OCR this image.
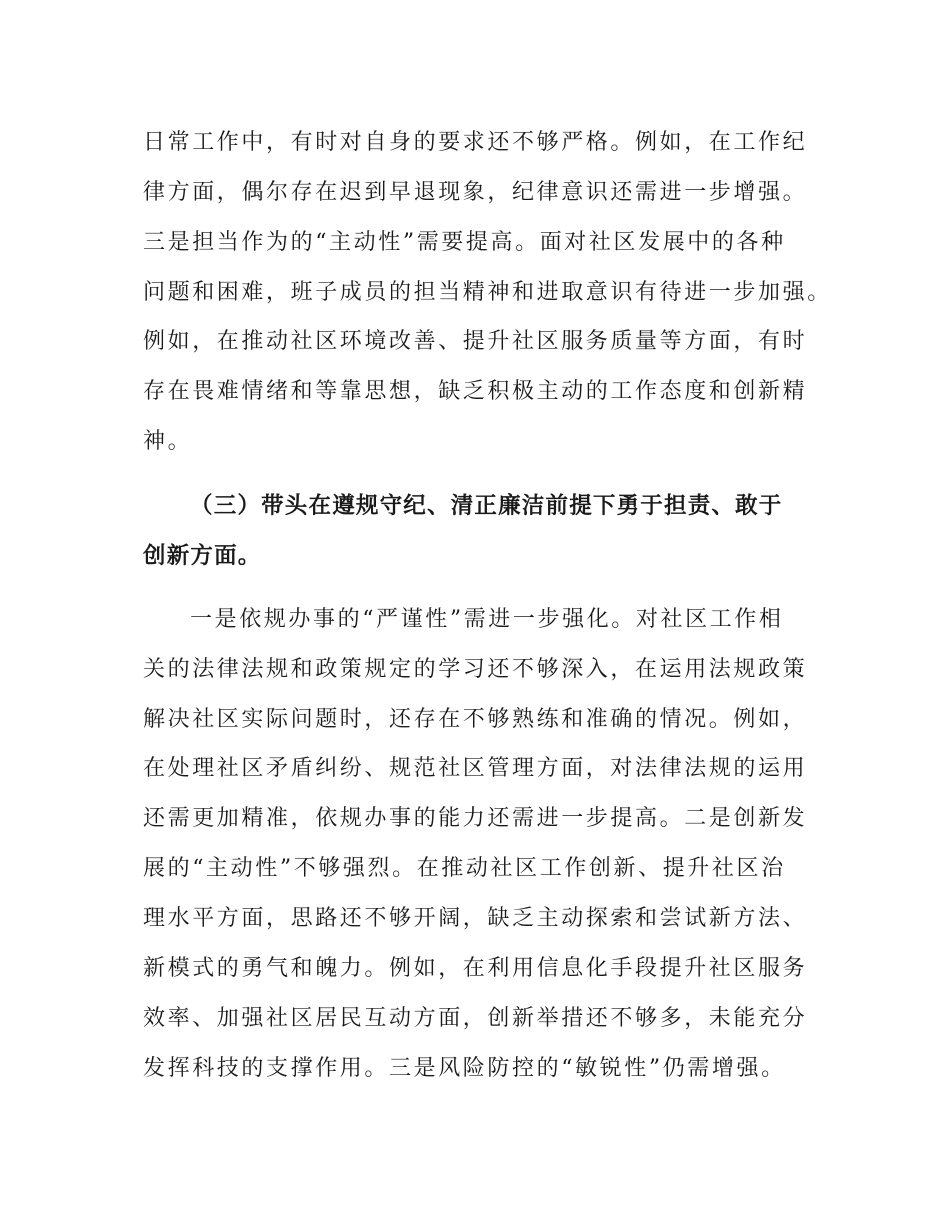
日常工作中，有时对自身的要求还不够严格。例如，在工作纪
律方面，偶尔存在迟到早退现象，纪律意识还需进一步增强。
三是担当作为的“主动性”需要提高。面对社区发展中的各种
问题和困难，班子成员的担当精神和进取意识有待进一步加强。
例如，在推动社区环境改善、提升社区服务质量等方面，有时
存在畏难情绪和等靠思想，缺乏积极主动的工作态度和创新精
神。
（三）带头在遵规守纪、清正廉洁前提下勇于担责、敢于
创新方面。
一是依规办事的“严谨性”需进一步强化。对社区工作相
关的法律法规和政策规定的学习还不够深入，在运用法规政策
解决社区实际问题时，还存在不够熟练和准确的情况。例如，
在处理社区矛盾纠纷、规范社区管理方面，对法律法规的运用
还需更加精准，依规办事的能力还需进一步提高。二是创新发
展的“主动性”不够强烈。在推动社区工作创新、提升社区治
理水平方面，思路还不够开阔，缺乏主动探索和尝试新方法、
新模式的勇气和魄力。例如，在利用信息化手段提升社区服务
效率、加强社区居民互动方面，创新举措还不够多，未能充分
发挥科技的支撑作用。三是风险防控的“敏锐性”仍需增强。
